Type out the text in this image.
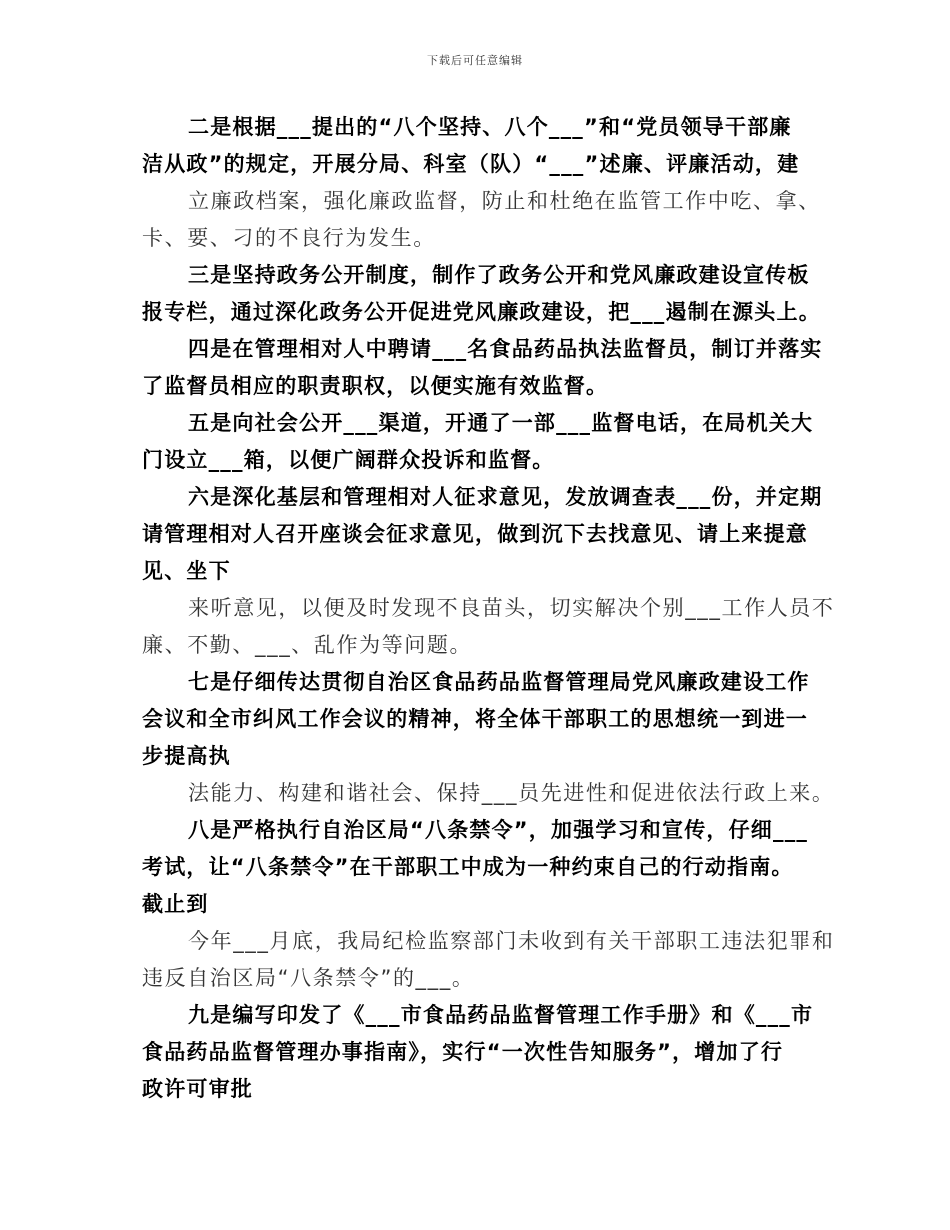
下载后可任意编辑
二是根据___提出的“八个坚持、八个___”和“党员领导干部廉
洁从政”的规定，开展分局、科室（队）“___”述廉、评廉活动，建
立廉政档案，强化廉政监督，防止和杜绝在监管工作中吃、拿、
卡、要、刁的不良行为发生。
三是坚持政务公开制度，制作了政务公开和党风廉政建设宣传板
报专栏，通过深化政务公开促进党风廉政建设，把___遏制在源头上。
四是在管理相对人中聘请___名食品药品执法监督员，制订并落实
了监督员相应的职责职权，以便实施有效监督。
五是向社会公开___渠道，开通了一部___监督电话，在局机关大
门设立___箱，以便广阔群众投诉和监督。
六是深化基层和管理相对人征求意见，发放调查表___份，并定期
请管理相对人召开座谈会征求意见，做到沉下去找意见、请上来提意
见、坐下
来听意见，以便及时发现不良苗头，切实解决个别___工作人员不
廉、不勤、___、乱作为等问题。
七是仔细传达贯彻自治区食品药品监督管理局党风廉政建设工作
会议和全市纠风工作会议的精神，将全体干部职工的思想统一到进一
步提高执
法能力、构建和谐社会、保持___员先进性和促进依法行政上来。
八是严格执行自治区局“八条禁令”，加强学习和宣传，仔细___
考试，让“八条禁令”在干部职工中成为一种约束自己的行动指南。
截止到
今年___月底，我局纪检监察部门未收到有关干部职工违法犯罪和
违反自治区局“八条禁令”的___。
九是编写印发了《___市食品药品监督管理工作手册》和《___市
食品药品监督管理办事指南》，实行“一次性告知服务”，增加了行
政许可审批
